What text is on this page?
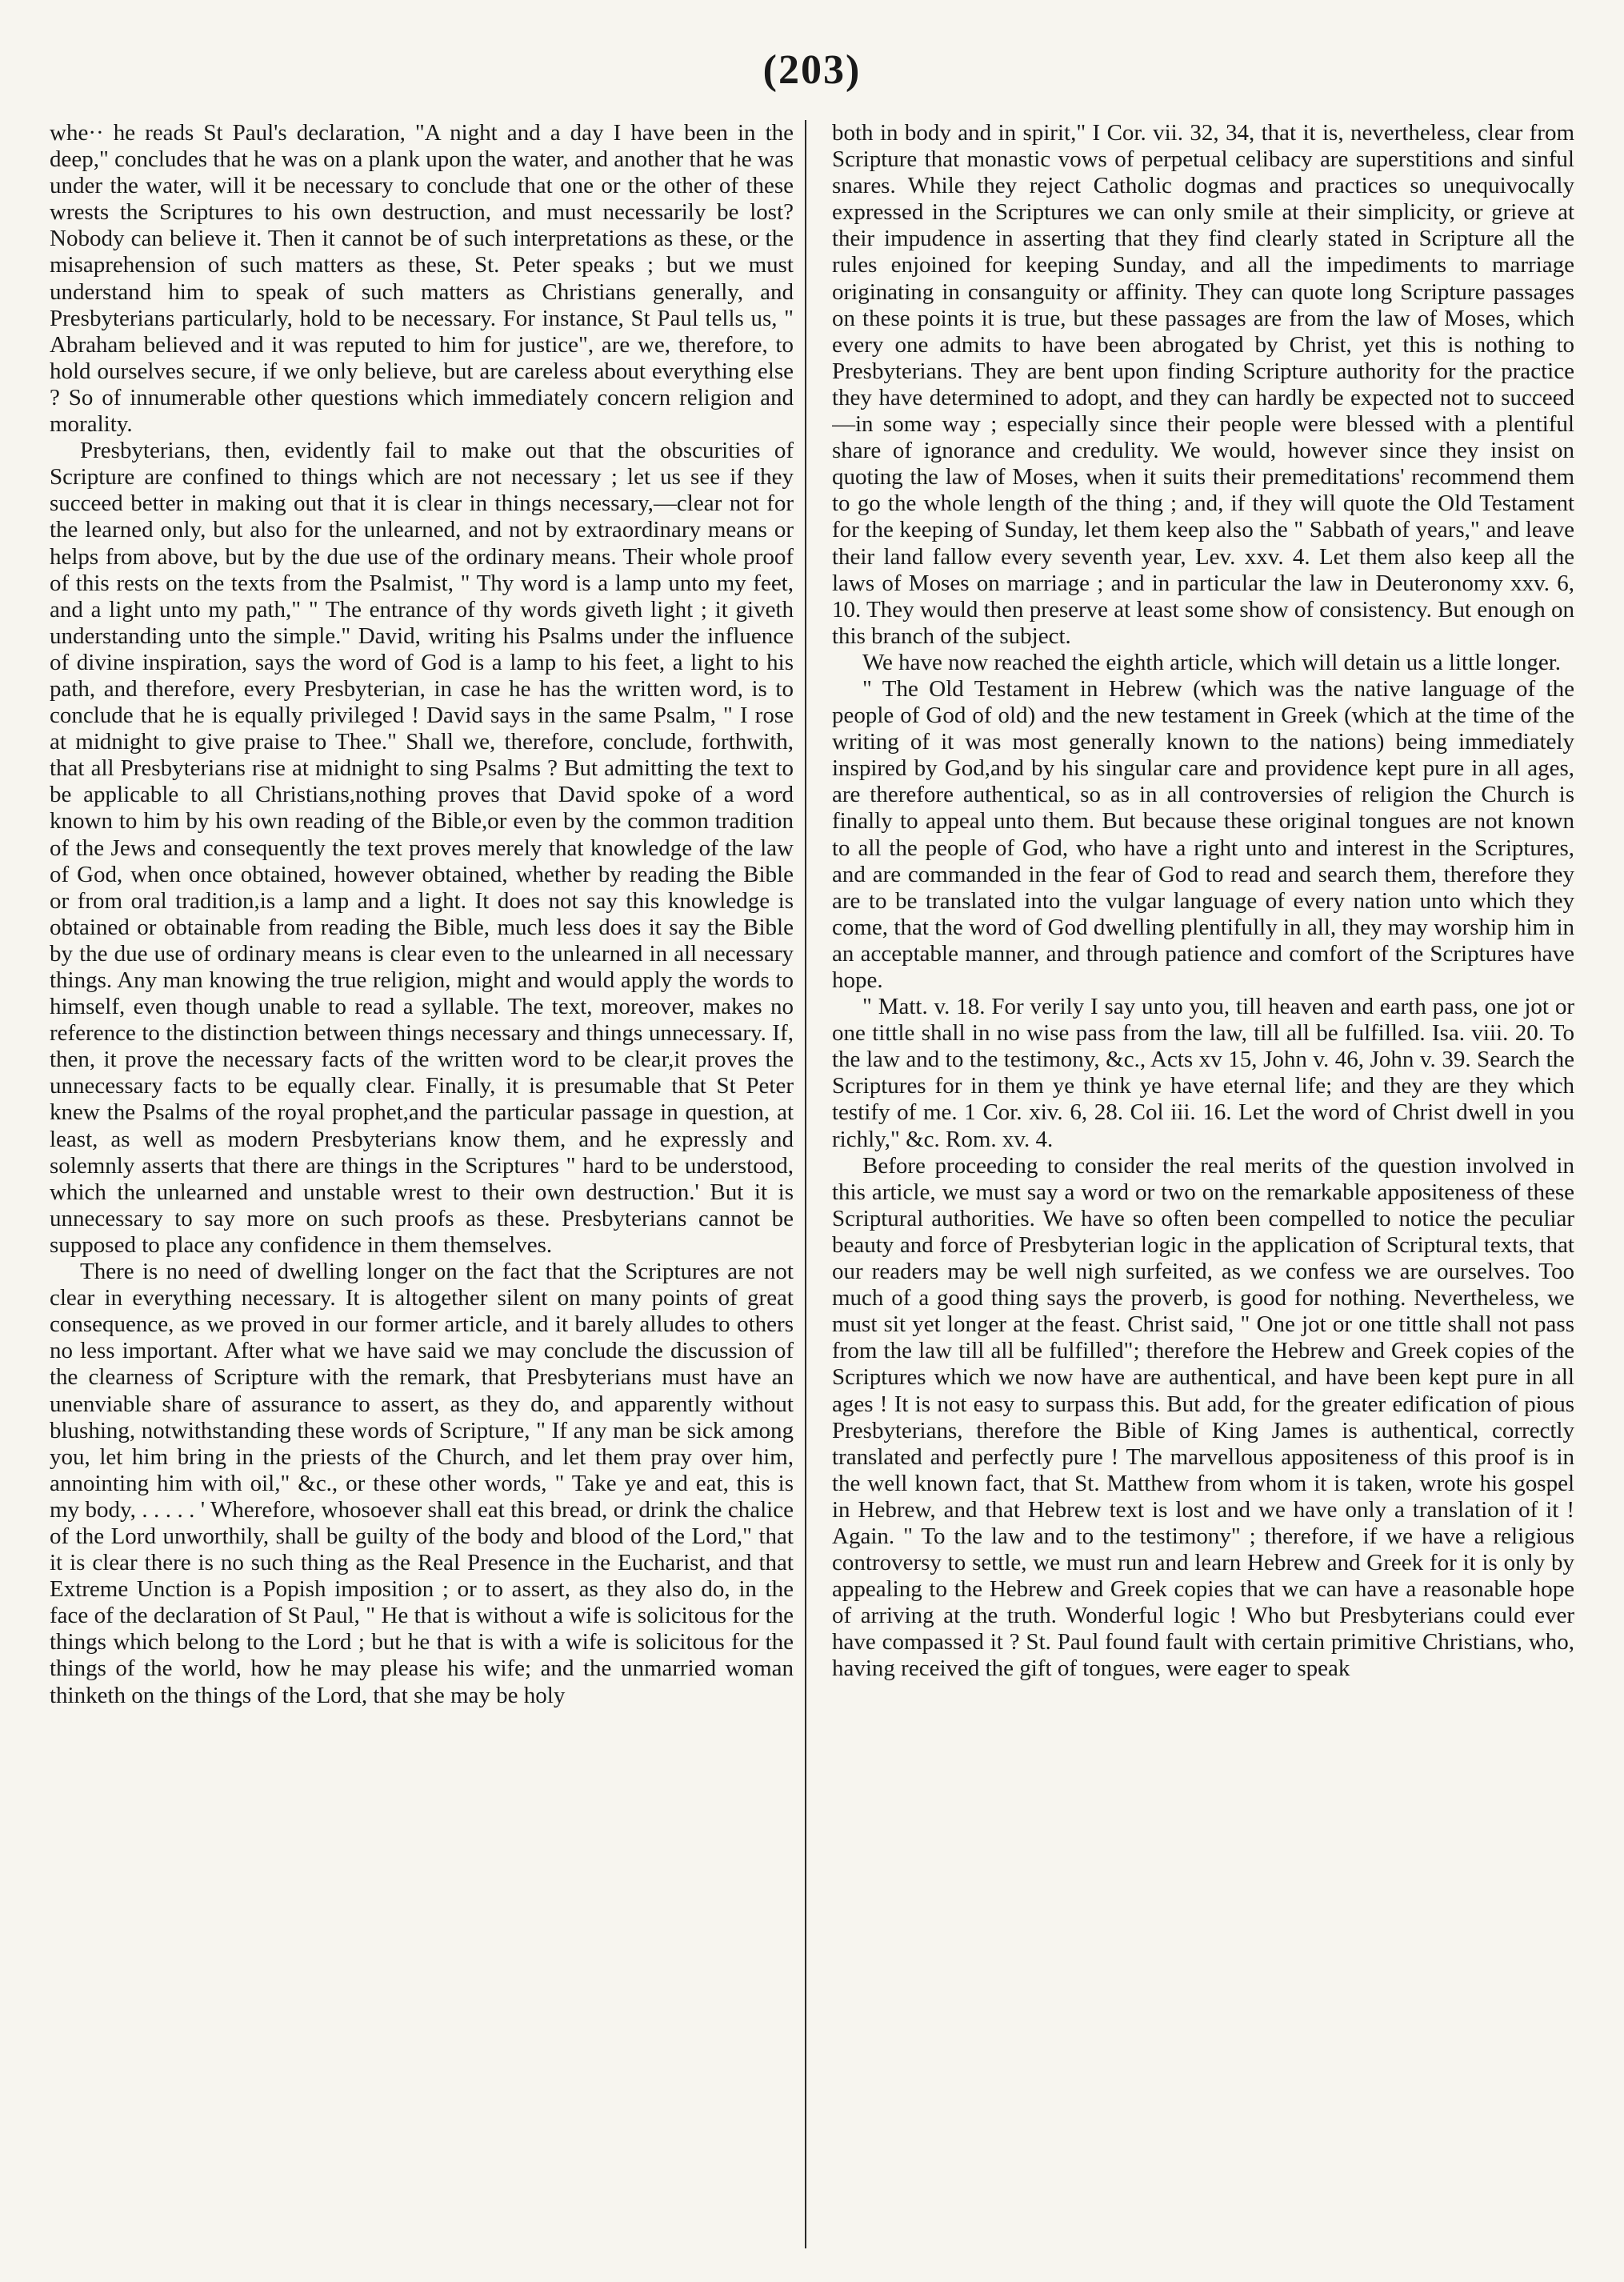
(203)

whe·· he reads St Paul's declaration, "A night and a day I have been in the deep," concludes that he was on a plank upon the water, and another that he was under the water, will it be necessary to conclude that one or the other of these wrests the Scriptures to his own destruction, and must necessarily be lost? Nobody can believe it. Then it cannot be of such interpretations as these, or the misaprehension of such matters as these, St. Peter speaks ; but we must understand him to speak of such matters as Christians generally, and Presbyterians particularly, hold to be necessary. For instance, St Paul tells us, " Abraham believed and it was reputed to him for justice", are we, therefore, to hold ourselves secure, if we only believe, but are careless about everything else ? So of innumerable other questions which immediately concern religion and morality.

Presbyterians, then, evidently fail to make out that the obscurities of Scripture are confined to things which are not necessary ; let us see if they succeed better in making out that it is clear in things necessary,—clear not for the learned only, but also for the unlearned, and not by extraordinary means or helps from above, but by the due use of the ordinary means. Their whole proof of this rests on the texts from the Psalmist, " Thy word is a lamp unto my feet, and a light unto my path," " The entrance of thy words giveth light ; it giveth understanding unto the simple." David, writing his Psalms under the influence of divine inspiration, says the word of God is a lamp to his feet, a light to his path, and therefore, every Presbyterian, in case he has the written word, is to conclude that he is equally privileged ! David says in the same Psalm, " I rose at midnight to give praise to Thee." Shall we, therefore, conclude, forthwith, that all Presbyterians rise at midnight to sing Psalms ? But admitting the text to be applicable to all Christians,nothing proves that David spoke of a word known to him by his own reading of the Bible,or even by the common tradition of the Jews and consequently the text proves merely that knowledge of the law of God, when once obtained, however obtained, whether by reading the Bible or from oral tradition,is a lamp and a light. It does not say this knowledge is obtained or obtainable from reading the Bible, much less does it say the Bible by the due use of ordinary means is clear even to the unlearned in all necessary things. Any man knowing the true religion, might and would apply the words to himself, even though unable to read a syllable. The text, moreover, makes no reference to the distinction between things necessary and things unnecessary. If, then, it prove the necessary facts of the written word to be clear,it proves the unnecessary facts to be equally clear. Finally, it is presumable that St Peter knew the Psalms of the royal prophet,and the particular passage in question, at least, as well as modern Presbyterians know them, and he expressly and solemnly asserts that there are things in the Scriptures " hard to be understood, which the unlearned and unstable wrest to their own destruction.' But it is unnecessary to say more on such proofs as these. Presbyterians cannot be supposed to place any confidence in them themselves.

There is no need of dwelling longer on the fact that the Scriptures are not clear in everything necessary. It is altogether silent on many points of great consequence, as we proved in our former article, and it barely alludes to others no less important. After what we have said we may conclude the discussion of the clearness of Scripture with the remark, that Presbyterians must have an unenviable share of assurance to assert, as they do, and apparently without blushing, notwithstanding these words of Scripture, " If any man be sick among you, let him bring in the priests of the Church, and let them pray over him, annointing him with oil," &c., or these other words, " Take ye and eat, this is my body, . . . . . ' Wherefore, whosoever shall eat this bread, or drink the chalice of the Lord unworthily, shall be guilty of the body and blood of the Lord," that it is clear there is no such thing as the Real Presence in the Eucharist, and that Extreme Unction is a Popish imposition ; or to assert, as they also do, in the face of the declaration of St Paul, " He that is without a wife is solicitous for the things which belong to the Lord ; but he that is with a wife is solicitous for the things of the world, how he may please his wife; and the unmarried woman thinketh on the things of the Lord, that she may be holy

both in body and in spirit," I Cor. vii. 32, 34, that it is, nevertheless, clear from Scripture that monastic vows of perpetual celibacy are superstitions and sinful snares. While they reject Catholic dogmas and practices so unequivocally expressed in the Scriptures we can only smile at their simplicity, or grieve at their impudence in asserting that they find clearly stated in Scripture all the rules enjoined for keeping Sunday, and all the impediments to marriage originating in consanguity or affinity. They can quote long Scripture passages on these points it is true, but these passages are from the law of Moses, which every one admits to have been abrogated by Christ, yet this is nothing to Presbyterians. They are bent upon finding Scripture authority for the practice they have determined to adopt, and they can hardly be expected not to succeed—in some way ; especially since their people were blessed with a plentiful share of ignorance and credulity. We would, however since they insist on quoting the law of Moses, when it suits their premeditations' recommend them to go the whole length of the thing ; and, if they will quote the Old Testament for the keeping of Sunday, let them keep also the " Sabbath of years," and leave their land fallow every seventh year, Lev. xxv. 4. Let them also keep all the laws of Moses on marriage ; and in particular the law in Deuteronomy xxv. 6, 10. They would then preserve at least some show of consistency. But enough on this branch of the subject.

We have now reached the eighth article, which will detain us a little longer.

" The Old Testament in Hebrew (which was the native language of the people of God of old) and the new testament in Greek (which at the time of the writing of it was most generally known to the nations) being immediately inspired by God,and by his singular care and providence kept pure in all ages, are therefore authentical, so as in all controversies of religion the Church is finally to appeal unto them. But because these original tongues are not known to all the people of God, who have a right unto and interest in the Scriptures, and are commanded in the fear of God to read and search them, therefore they are to be translated into the vulgar language of every nation unto which they come, that the word of God dwelling plentifully in all, they may worship him in an acceptable manner, and through patience and comfort of the Scriptures have hope.

" Matt. v. 18. For verily I say unto you, till heaven and earth pass, one jot or one tittle shall in no wise pass from the law, till all be fulfilled. Isa. viii. 20. To the law and to the testimony, &c., Acts xv 15, John v. 46, John v. 39. Search the Scriptures for in them ye think ye have eternal life; and they are they which testify of me. 1 Cor. xiv. 6, 28. Col iii. 16. Let the word of Christ dwell in you richly," &c. Rom. xv. 4.

Before proceeding to consider the real merits of the question involved in this article, we must say a word or two on the remarkable appositeness of these Scriptural authorities. We have so often been compelled to notice the peculiar beauty and force of Presbyterian logic in the application of Scriptural texts, that our readers may be well nigh surfeited, as we confess we are ourselves. Too much of a good thing says the proverb, is good for nothing. Nevertheless, we must sit yet longer at the feast. Christ said, " One jot or one tittle shall not pass from the law till all be fulfilled"; therefore the Hebrew and Greek copies of the Scriptures which we now have are authentical, and have been kept pure in all ages ! It is not easy to surpass this. But add, for the greater edification of pious Presbyterians, therefore the Bible of King James is authentical, correctly translated and perfectly pure ! The marvellous appositeness of this proof is in the well known fact, that St. Matthew from whom it is taken, wrote his gospel in Hebrew, and that Hebrew text is lost and we have only a translation of it ! Again. " To the law and to the testimony" ; therefore, if we have a religious controversy to settle, we must run and learn Hebrew and Greek for it is only by appealing to the Hebrew and Greek copies that we can have a reasonable hope of arriving at the truth. Wonderful logic ! Who but Presbyterians could ever have compassed it ? St. Paul found fault with certain primitive Christians, who, having received the gift of tongues, were eager to speak
